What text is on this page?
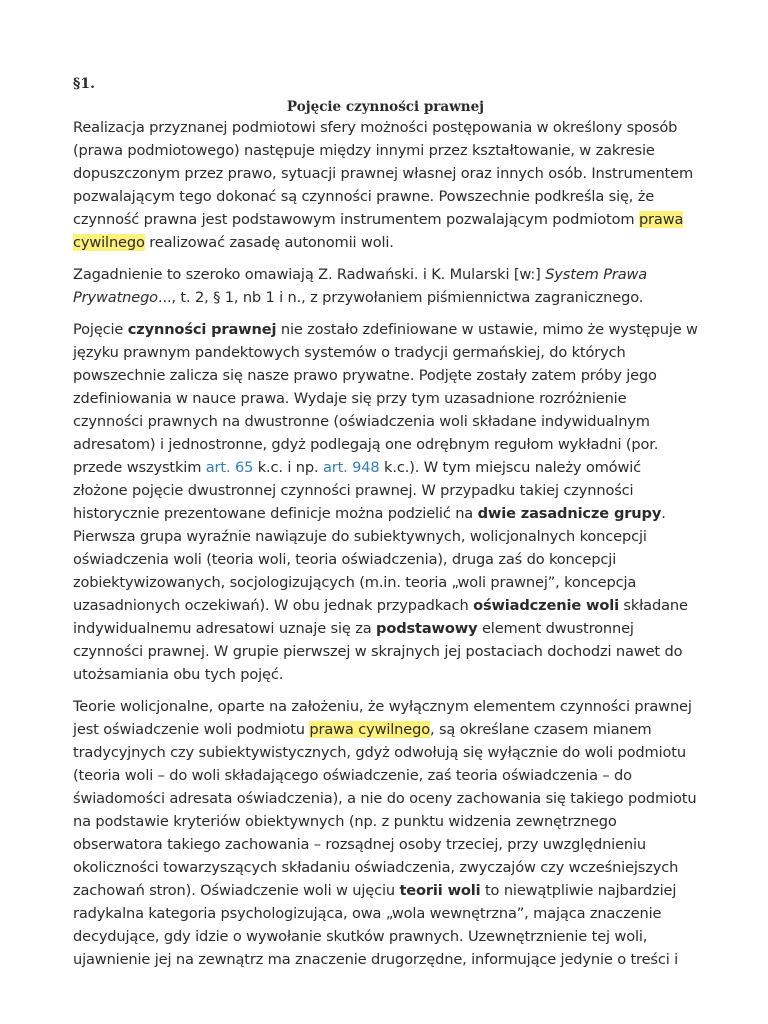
§1.
Pojęcie czynności prawnej

Realizacja przyznanej podmiotowi sfery możności postępowania w określony sposób (prawa podmiotowego) następuje między innymi przez kształtowanie, w zakresie dopuszczonym przez prawo, sytuacji prawnej własnej oraz innych osób. Instrumentem pozwalającym tego dokonać są czynności prawne. Powszechnie podkreśla się, że czynność prawna jest podstawowym instrumentem pozwalającym podmiotom prawa cywilnego realizować zasadę autonomii woli.

Zagadnienie to szeroko omawiają Z. Radwański. i K. Mularski [w:] System Prawa Prywatnego..., t. 2, § 1, nb 1 i n., z przywołaniem piśmiennictwa zagranicznego.

Pojęcie czynności prawnej nie zostało zdefiniowane w ustawie, mimo że występuje w języku prawnym pandektowych systemów o tradycji germańskiej, do których powszechnie zalicza się nasze prawo prywatne. Podjęte zostały zatem próby jego zdefiniowania w nauce prawa. Wydaje się przy tym uzasadnione rozróżnienie czynności prawnych na dwustronne (oświadczenia woli składane indywidualnym adresatom) i jednostronne, gdyż podlegają one odrębnym regułom wykładni (por. przede wszystkim art. 65 k.c. i np. art. 948 k.c.). W tym miejscu należy omówić złożone pojęcie dwustronnej czynności prawnej. W przypadku takiej czynności historycznie prezentowane definicje można podzielić na dwie zasadnicze grupy. Pierwsza grupa wyraźnie nawiązuje do subiektywnych, wolicjonalnych koncepcji oświadczenia woli (teoria woli, teoria oświadczenia), druga zaś do koncepcji zobiektywizowanych, socjologizujących (m.in. teoria „woli prawnej”, koncepcja uzasadnionych oczekiwań). W obu jednak przypadkach oświadczenie woli składane indywidualnemu adresatowi uznaje się za podstawowy element dwustronnej czynności prawnej. W grupie pierwszej w skrajnych jej postaciach dochodzi nawet do utożsamiania obu tych pojęć.

Teorie wolicjonalne, oparte na założeniu, że wyłącznym elementem czynności prawnej jest oświadczenie woli podmiotu prawa cywilnego, są określane czasem mianem tradycyjnych czy subiektywistycznych, gdyż odwołują się wyłącznie do woli podmiotu (teoria woli – do woli składającego oświadczenie, zaś teoria oświadczenia – do świadomości adresata oświadczenia), a nie do oceny zachowania się takiego podmiotu na podstawie kryteriów obiektywnych (np. z punktu widzenia zewnętrznego obserwatora takiego zachowania – rozsądnej osoby trzeciej, przy uwzględnieniu okoliczności towarzyszących składaniu oświadczenia, zwyczajów czy wcześniejszych zachowań stron). Oświadczenie woli w ujęciu teorii woli to niewątpliwie najbardziej radykalna kategoria psychologizująca, owa „wola wewnętrzna”, mająca znaczenie decydujące, gdy idzie o wywołanie skutków prawnych. Uzewnętrznienie tej woli, ujawnienie jej na zewnątrz ma znaczenie drugorzędne, informujące jedynie o treści i
